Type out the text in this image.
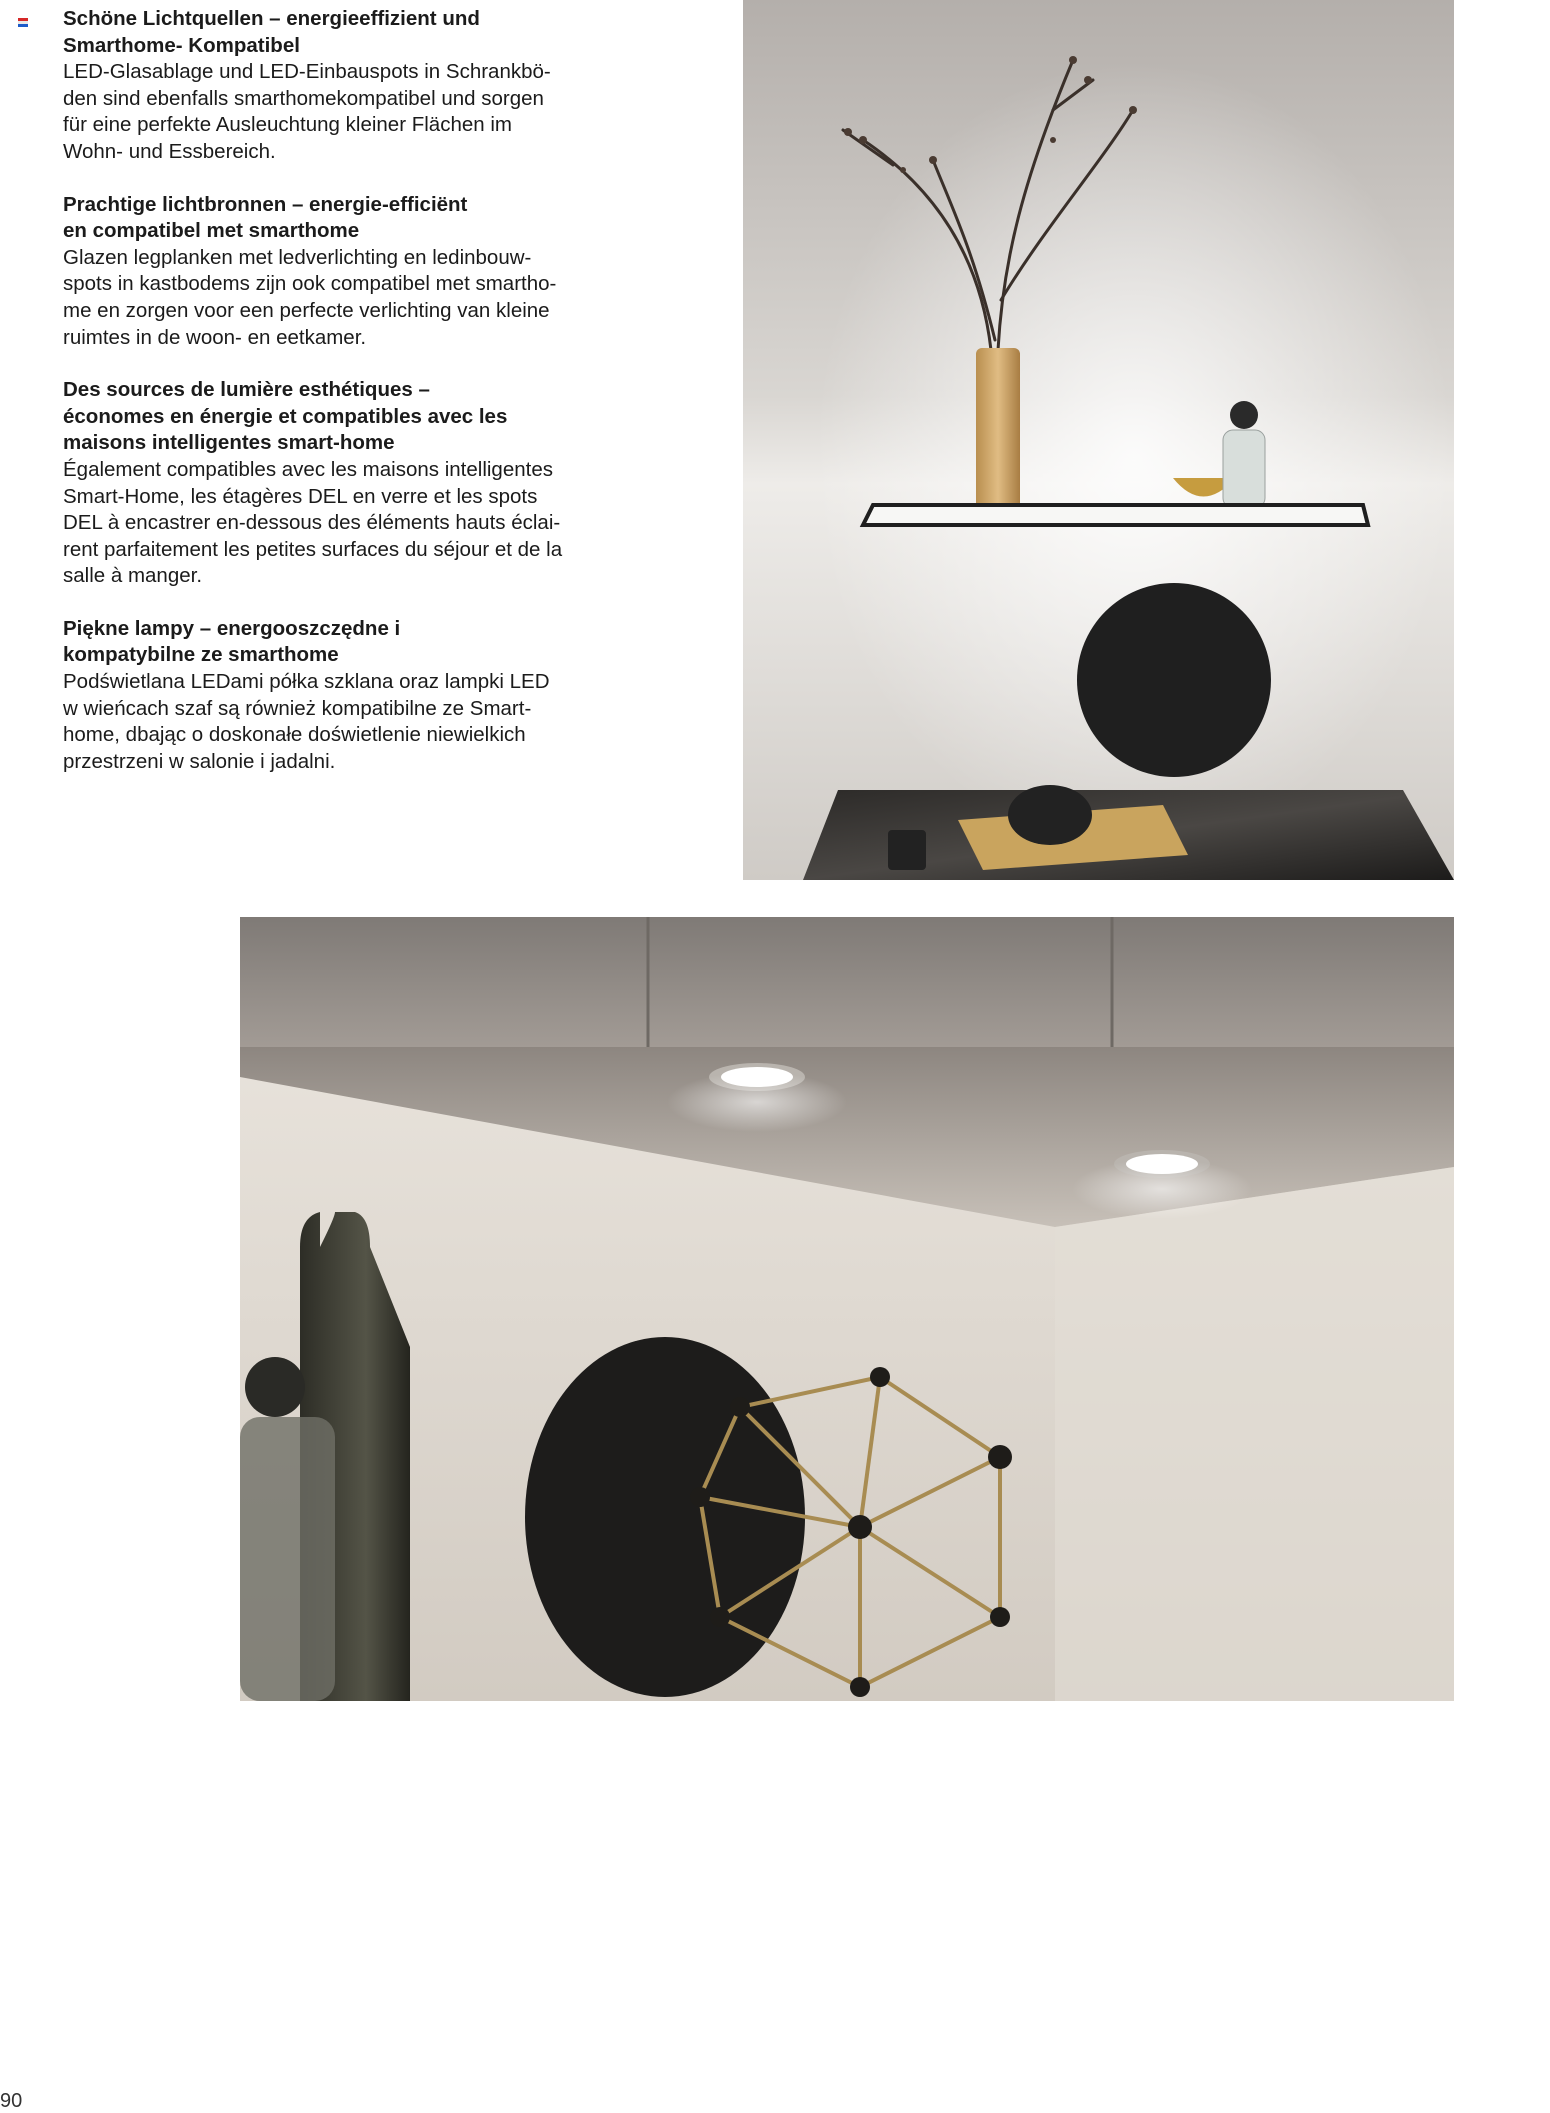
Schöne Lichtquellen – energieeffizient und
Smarthome- Kompatibel
LED-Glasablage und LED-Einbauspots in Schrankbö-
den sind ebenfalls smarthomekompatibel und sorgen
für eine perfekte Ausleuchtung kleiner Flächen im
Wohn- und Essbereich.
Prachtige lichtbronnen – energie-efficiënt
en compatibel met smarthome
Glazen legplanken met ledverlichting en ledinbouw-
spots in kastbodems zijn ook compatibel met smartho-
me en zorgen voor een perfecte verlichting van kleine
ruimtes in de woon- en eetkamer.
Des sources de lumière esthétiques –
économes en énergie et compatibles avec les
maisons intelligentes smart-home
Également compatibles avec les maisons intelligentes
Smart-Home, les étagères DEL en verre et les spots
DEL à encastrer en-dessous des éléments hauts éclai-
rent parfaitement les petites surfaces du séjour et de la
salle à manger.
Piękne lampy – energooszczędne i
kompatybilne ze smarthome
Podświetlana LEDami półka szklana oraz lampki LED
w wieńcach szaf są również kompatibilne ze Smart-
home, dbając o doskonałe doświetlenie niewielkich
przestrzeni w salonie i jadalni.
90
